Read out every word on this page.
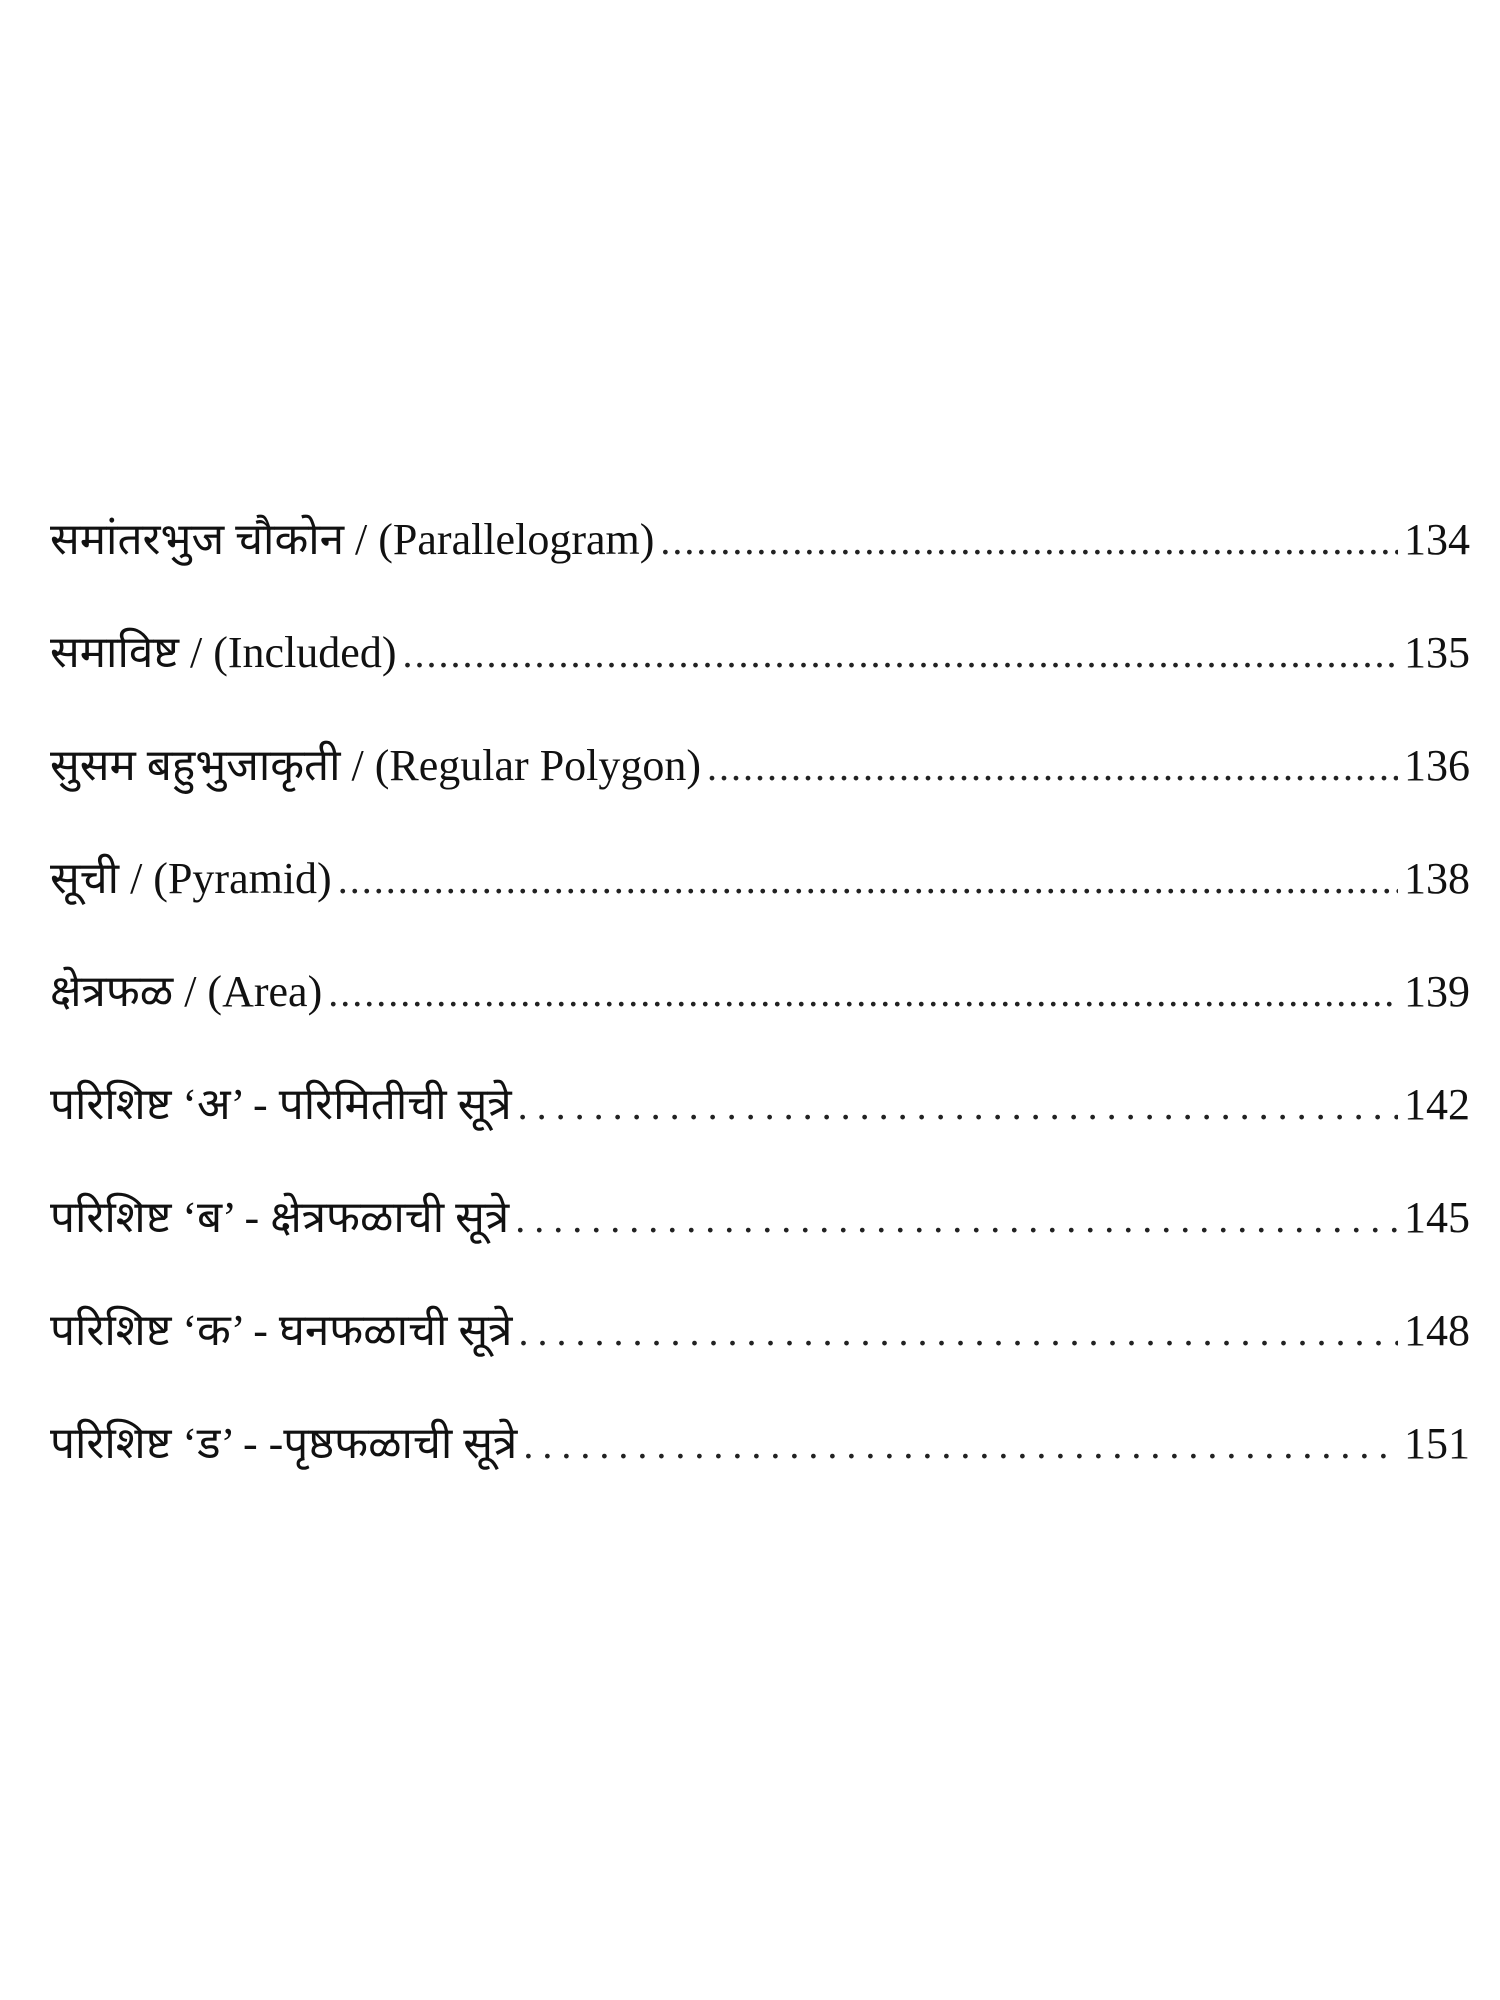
समांतरभुज चौकोन / (Parallelogram) .....	134
समाविष्ट / (Included) .....	135
सुसम बहुभुजाकृती / (Regular Polygon) .....	136
सूची / (Pyramid) .....	138
क्षेत्रफळ / (Area) .....	139
परिशिष्ट ‘अ’ - परिमितीची सूत्रे .....	142
परिशिष्ट ‘ब’ - क्षेत्रफळाची सूत्रे .....	145
परिशिष्ट ‘क’ - घनफळाची सूत्रे .....	148
परिशिष्ट ‘ड’ - -पृष्ठफळाची सूत्रे .....	151
